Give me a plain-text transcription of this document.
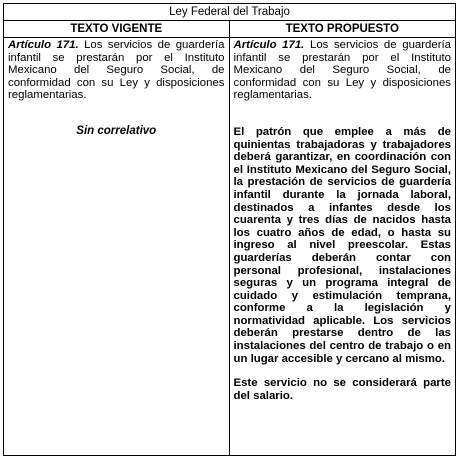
Ley Federal del Trabajo
TEXTO VIGENTE	TEXTO PROPUESTO

Artículo 171. Los servicios de guardería infantil se prestarán por el Instituto Mexicano del Seguro Social, de conformidad con su Ley y disposiciones reglamentarias.

Sin correlativo

Artículo 171. Los servicios de guardería infantil se prestarán por el Instituto Mexicano del Seguro Social, de conformidad con su Ley y disposiciones reglamentarias.

El patrón que emplee a más de quinientas trabajadoras y trabajadores deberá garantizar, en coordinación con el Instituto Mexicano del Seguro Social, la prestación de servicios de guardería infantil durante la jornada laboral, destinados a infantes desde los cuarenta y tres días de nacidos hasta los cuatro años de edad, o hasta su ingreso al nivel preescolar. Estas guarderías deberán contar con personal profesional, instalaciones seguras y un programa integral de cuidado y estimulación temprana, conforme a la legislación y normatividad aplicable. Los servicios deberán prestarse dentro de las instalaciones del centro de trabajo o en un lugar accesible y cercano al mismo.

Este servicio no se considerará parte del salario.
